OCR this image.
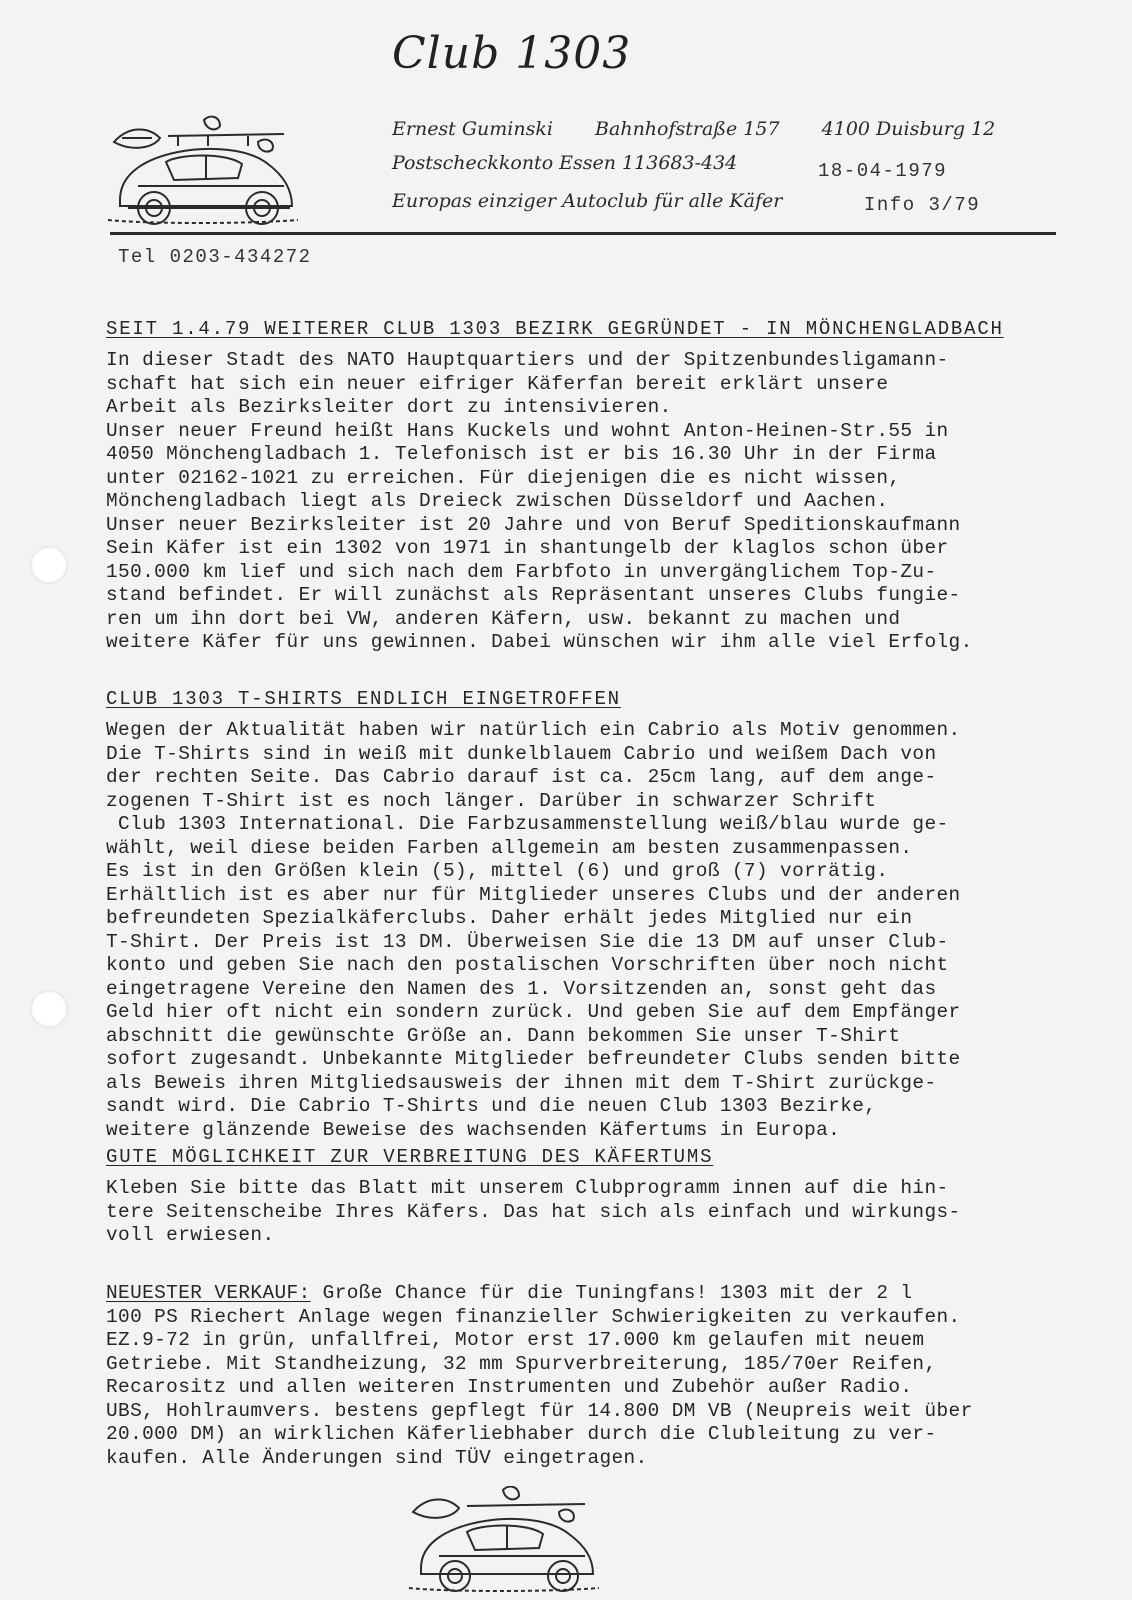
Club 1303
Ernest Guminski Bahnhofstraße 157 4100 Duisburg 12
Postscheckkonto Essen 113683-434	18-04-1979
Europas einziger Autoclub für alle Käfer	Info 3/79
Tel 0203-434272
SEIT 1.4.79 WEITERER CLUB 1303 BEZIRK GEGRÜNDET - IN MÖNCHENGLADBACH

In dieser Stadt des NATO Hauptquartiers und der Spitzenbundesligamann-
schaft hat sich ein neuer eifriger Käferfan bereit erklärt unsere
Arbeit als Bezirksleiter dort zu intensivieren.
Unser neuer Freund heißt Hans Kuckels und wohnt Anton-Heinen-Str.55 in
4050 Mönchengladbach 1. Telefonisch ist er bis 16.30 Uhr in der Firma
unter 02162-1021 zu erreichen. Für diejenigen die es nicht wissen,
Mönchengladbach liegt als Dreieck zwischen Düsseldorf und Aachen.
Unser neuer Bezirksleiter ist 20 Jahre und von Beruf Speditionskaufmann
Sein Käfer ist ein 1302 von 1971 in shantungelb der klaglos schon über
150.000 km lief und sich nach dem Farbfoto in unvergänglichem Top-Zu-
stand befindet. Er will zunächst als Repräsentant unseres Clubs fungie-
ren um ihn dort bei VW, anderen Käfern, usw. bekannt zu machen und
weitere Käfer für uns gewinnen. Dabei wünschen wir ihm alle viel Erfolg.

CLUB 1303 T-SHIRTS ENDLICH EINGETROFFEN

Wegen der Aktualität haben wir natürlich ein Cabrio als Motiv genommen.
Die T-Shirts sind in weiß mit dunkelblauem Cabrio und weißem Dach von
der rechten Seite. Das Cabrio darauf ist ca. 25cm lang, auf dem ange-
zogenen T-Shirt ist es noch länger. Darüber in schwarzer Schrift
Club 1303 International. Die Farbzusammenstellung weiß/blau wurde ge-
wählt, weil diese beiden Farben allgemein am besten zusammenpassen.
Es ist in den Größen klein (5), mittel (6) und groß (7) vorrätig.
Erhältlich ist es aber nur für Mitglieder unseres Clubs und der anderen
befreundeten Spezialkäferclubs. Daher erhält jedes Mitglied nur ein
T-Shirt. Der Preis ist 13 DM. Überweisen Sie die 13 DM auf unser Club-
konto und geben Sie nach den postalischen Vorschriften über noch nicht
eingetragene Vereine den Namen des 1. Vorsitzenden an, sonst geht das
Geld hier oft nicht ein sondern zurück. Und geben Sie auf dem Empfänger
abschnitt die gewünschte Größe an. Dann bekommen Sie unser T-Shirt
sofort zugesandt. Unbekannte Mitglieder befreundeter Clubs senden bitte
als Beweis ihren Mitgliedsausweis der ihnen mit dem T-Shirt zurückge-
sandt wird. Die Cabrio T-Shirts und die neuen Club 1303 Bezirke,
weitere glänzende Beweise des wachsenden Käfertums in Europa.

GUTE MÖGLICHKEIT ZUR VERBREITUNG DES KÄFERTUMS

Kleben Sie bitte das Blatt mit unserem Clubprogramm innen auf die hin-
tere Seitenscheibe Ihres Käfers. Das hat sich als einfach und wirkungs-
voll erwiesen.

NEUESTER VERKAUF: Große Chance für die Tuningfans! 1303 mit der 2 l

100 PS Riechert Anlage wegen finanzieller Schwierigkeiten zu verkaufen.
EZ.9-72 in grün, unfallfrei, Motor erst 17.000 km gelaufen mit neuem
Getriebe. Mit Standheizung, 32 mm Spurverbreiterung, 185/70er Reifen,
Recarositz und allen weiteren Instrumenten und Zubehör außer Radio.
UBS, Hohlraumvers. bestens gepflegt für 14.800 DM VB (Neupreis weit über
20.000 DM) an wirklichen Käferliebhaber durch die Clubleitung zu ver-
kaufen. Alle Änderungen sind TÜV eingetragen.
